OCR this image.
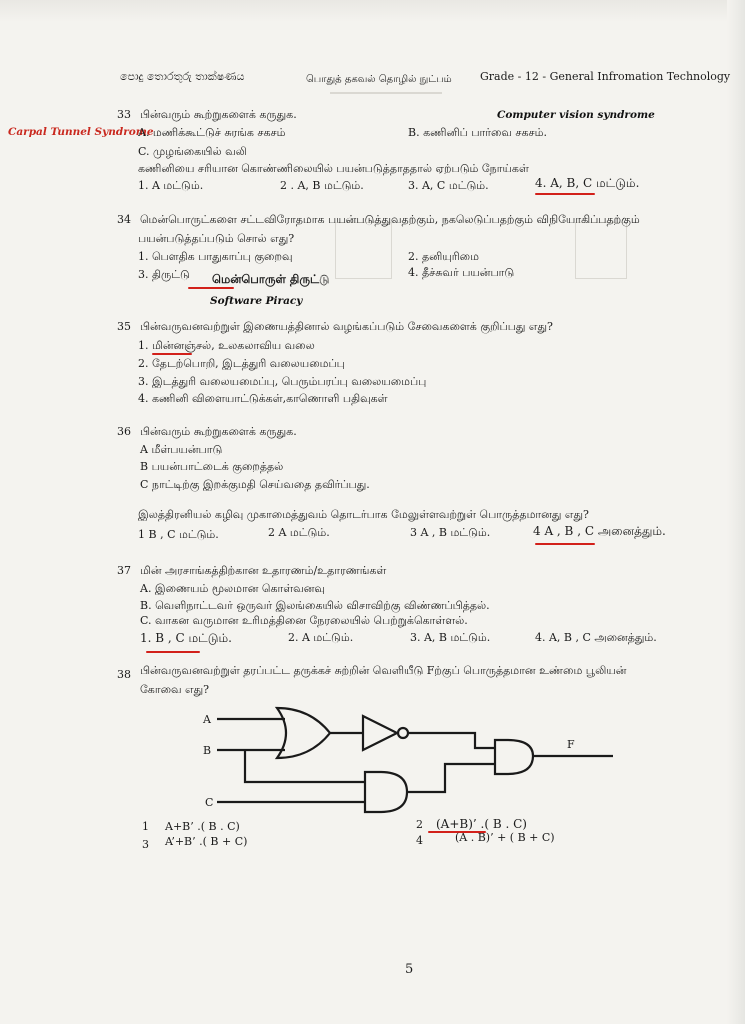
පොදු තොරතුරු තාක්ෂණය	பொதுத் தகவல் தொழில் நுட்பம்	Grade - 12 - General Infromation Technology
33 பின்வரும் கூற்றுகளைக் கருதுக.	Computer vision syndrome
Carpal Tunnel Syndrome
A. மணிக்கூட்டுச் சுரங்க சகசம்	B. கணினிப் பார்வை சகசம்.
C. முழங்கையில் வலி
கணினியை சரியான கொண்ணிலையில் பயன்படுத்தாததால் ஏற்படும் நோய்கள்
1. A மட்டும்.	2 . A, B மட்டும்.	3. A, C மட்டும்.	4. A, B, C மட்டும்.
34 மென்பொருட்களை சட்டவிரோதமாக பயன்படுத்துவதற்கும், நகலெடுப்பதற்கும் விநியோகிப்பதற்கும்
பயன்படுத்தப்படும் சொல் எது?
1. பௌதிக பாதுகாப்பு குறைவு	2. தனியுரிமை
3. திருட்டு	4. தீச்சுவர் பயன்பாடு
மென்பொருள் திருட்டு
Software Piracy
35 பின்வருவனவற்றுள் இணையத்தினால் வழங்கப்படும் சேவைகளைக் குறிப்பது எது?
1. மின்னஞ்சல், உலகலாவிய வலை
2. தேடற்பொறி, இடத்துரி வலையமைப்பு
3. இடத்துரி வலையமைப்பு, பெரும்பரப்பு வலையமைப்பு
4. கணினி விளையாட்டுக்கள்,காணொளி பதிவுகள்
36 பின்வரும் கூற்றுகளைக் கருதுக.
A மீள்பயன்பாடு
B பயன்பாட்டைக் குறைத்தல்
C நாட்டிற்கு இறக்குமதி செய்வதை தவிர்ப்பது.
இலத்திரனியல் கழிவு முகாமைத்துவம் தொடர்பாக மேலுள்ளவற்றுள் பொருத்தமானது எது?
1 B , C மட்டும்.	2 A மட்டும்.	3 A , B மட்டும்.	4 A , B , C அனைத்தும்.
37 மின் அரசாங்கத்திற்கான உதாரணம்/உதாரணங்கள்
A. இணையம் மூலமான கொள்வனவு
B. வெளிநாட்டவர் ஒருவர் இலங்கையில் விசாவிற்கு விண்ணப்பித்தல்.
C. வாகன வருமான உரிமத்தினை நேரலையில் பெற்றுக்கொள்ளல்.
1. B , C மட்டும்.	2. A மட்டும்.	3. A, B மட்டும்.	4. A, B , C அனைத்தும்.
38 பின்வருவனவற்றுள் தரப்பட்ட தருக்கச் சுற்றின் வெளியீடு Fற்குப் பொருத்தமான உண்மை பூலியன்
கோவை எது?
A
B
C
F
1 A+B’ .( B . C)	2 (A+B)’ .( B . C)
3 A’+B’ .( B + C)	4	(A . B)’ + ( B + C)
5
